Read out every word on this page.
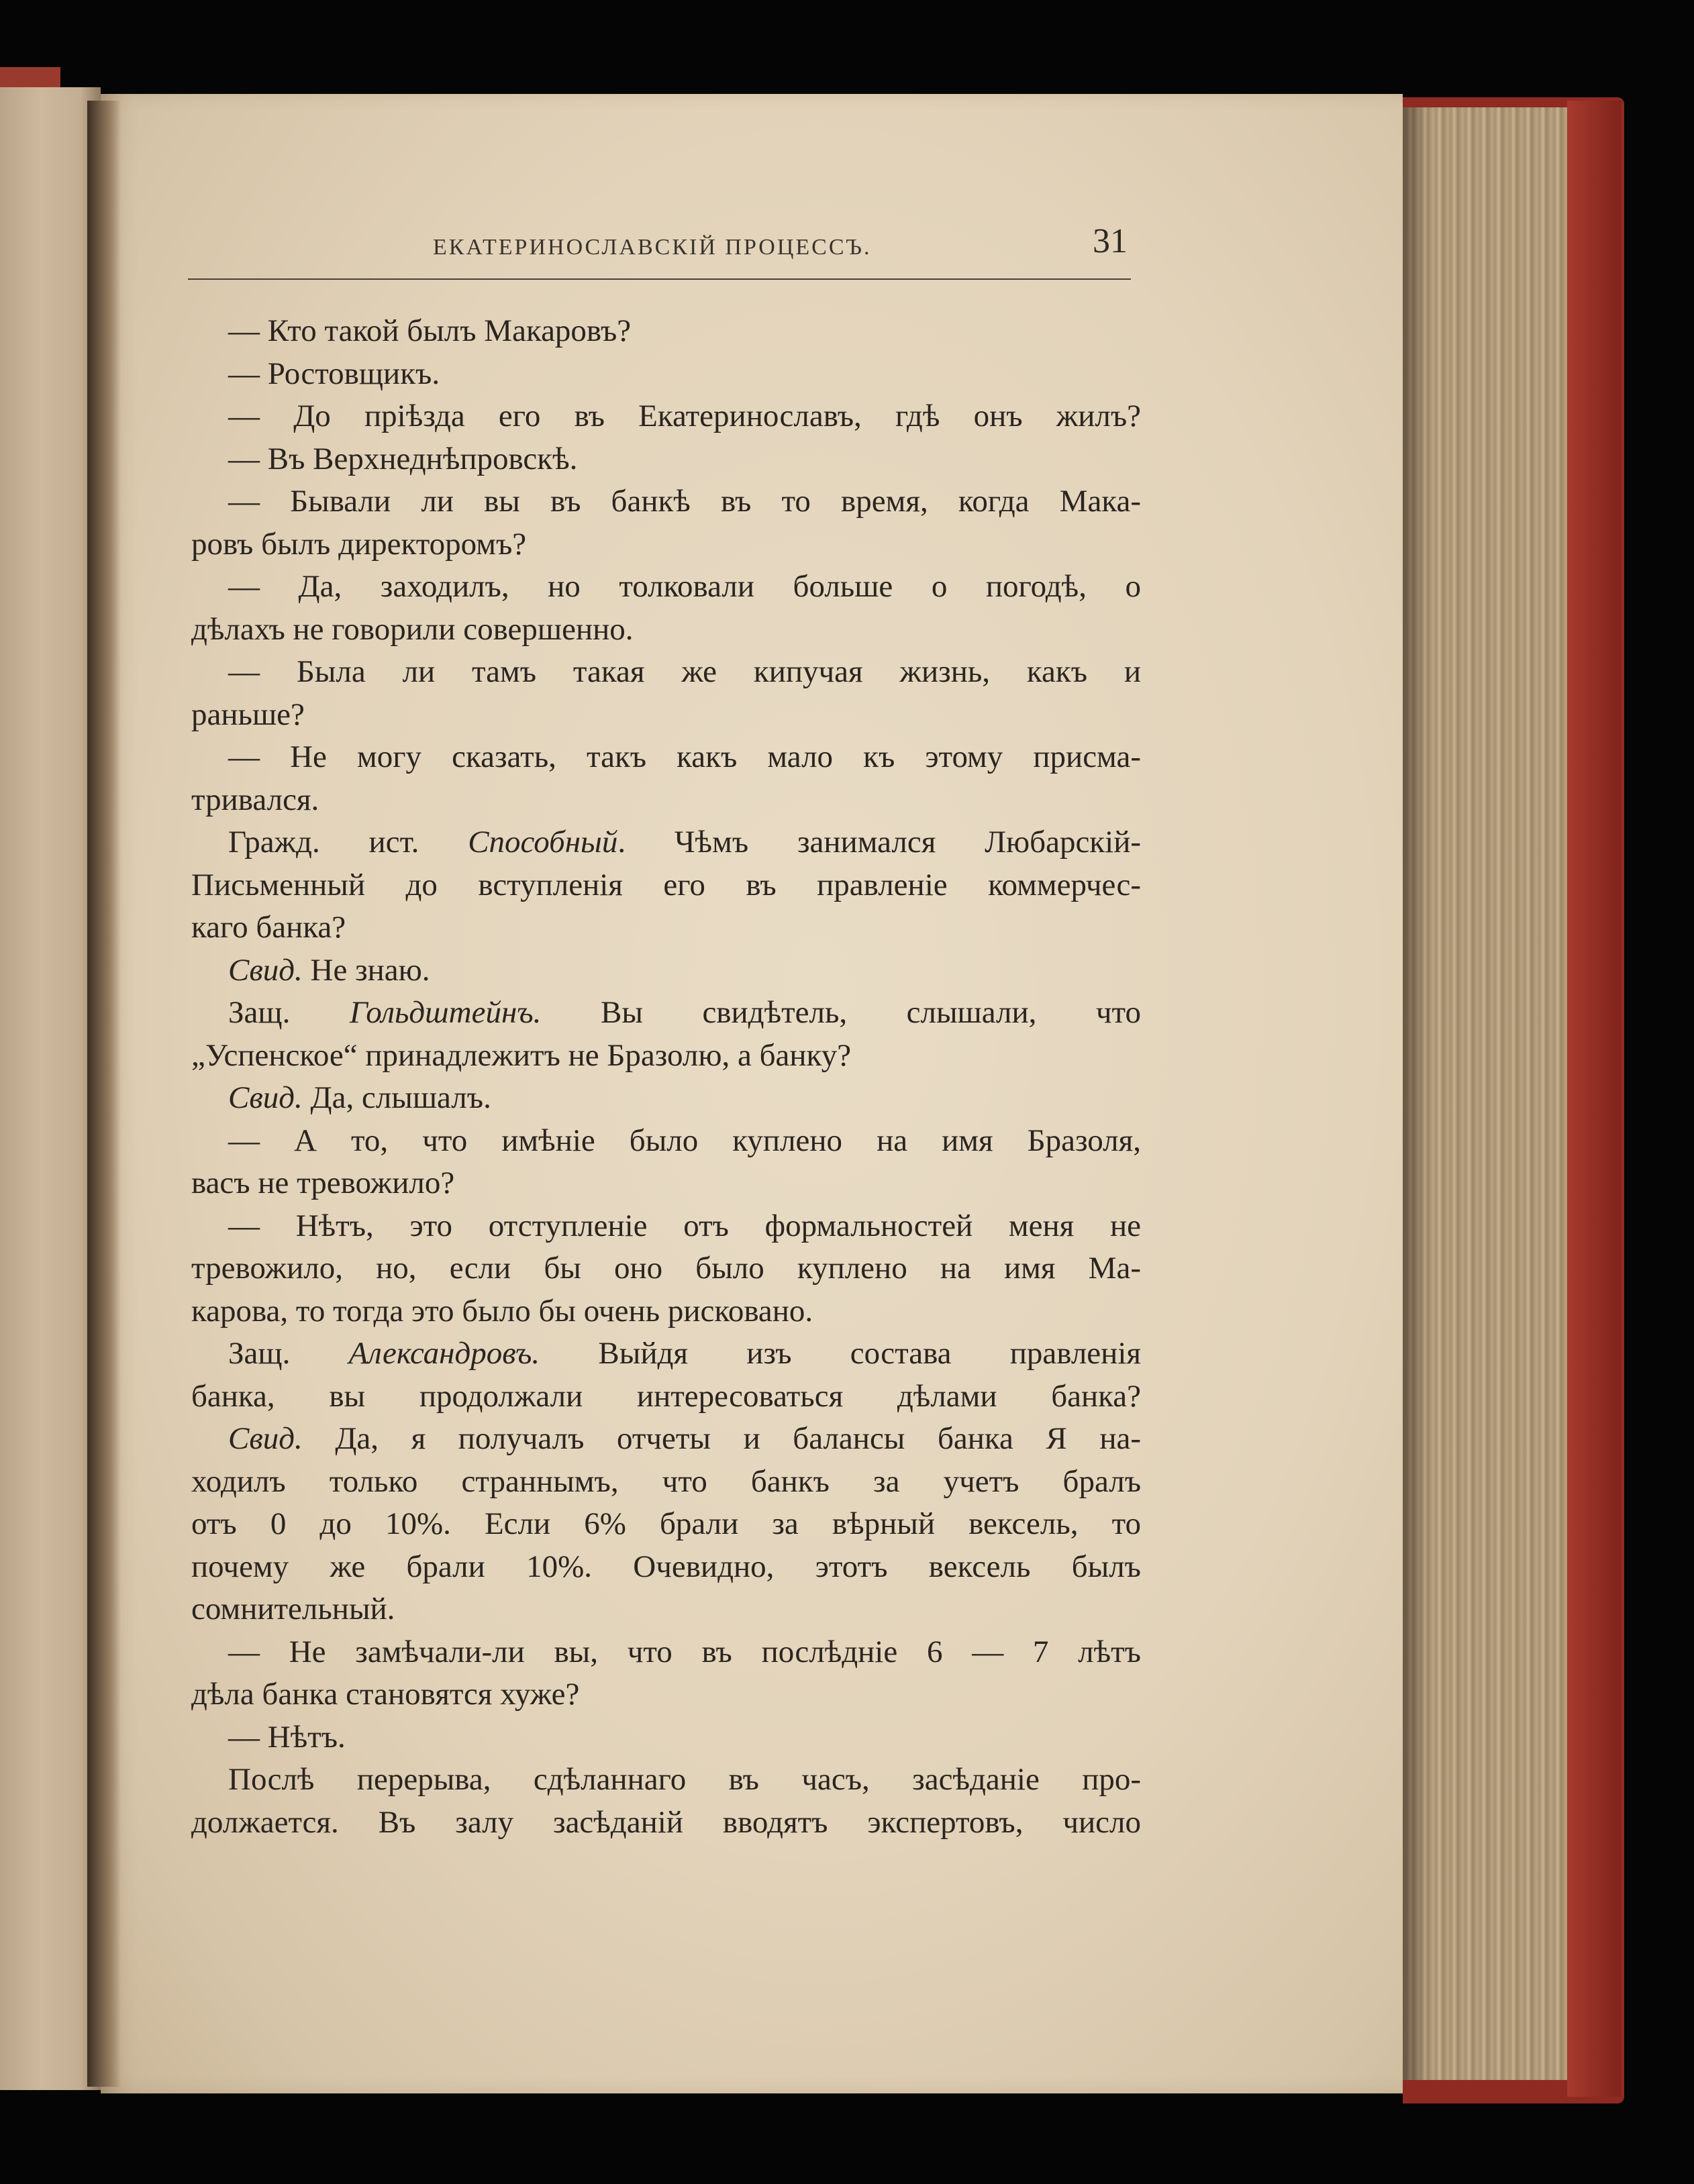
ЕКАТЕРИНОСЛАВСКІЙ ПРОЦЕССЪ.	31
— Кто такой былъ Макаровъ?
— Ростовщикъ.
— До пріѣзда его въ Екатеринославъ, гдѣ онъ жилъ?
— Въ Верхнеднѣпровскѣ.
— Бывали ли вы въ банкѣ въ то время, когда Мака-
ровъ былъ директоромъ?
— Да, заходилъ, но толковали больше о погодѣ, о
дѣлахъ не говорили совершенно.
— Была ли тамъ такая же кипучая жизнь, какъ и
раньше?
— Не могу сказать, такъ какъ мало къ этому присма-
тривался.
Гражд. ист. Способный. Чѣмъ занимался Любарскій-
Письменный до вступленія его въ правленіе коммерчес-
каго банка?
Свид. Не знаю.
Защ. Гольдштейнъ. Вы свидѣтель, слышали, что
„Успенское“ принадлежитъ не Бразолю, а банку?
Свид. Да, слышалъ.
— А то, что имѣніе было куплено на имя Бразоля,
васъ не тревожило?
— Нѣтъ, это отступленіе отъ формальностей меня не
тревожило, но, если бы оно было куплено на имя Ма-
карова, то тогда это было бы очень рисковано.
Защ. Александровъ. Выйдя изъ состава правленія
банка, вы продолжали интересоваться дѣлами банка?
Свид. Да, я получалъ отчеты и балансы банка Я на-
ходилъ только страннымъ, что банкъ за учетъ бралъ
отъ 0 до 10%. Если 6% брали за вѣрный вексель, то
почему же брали 10%. Очевидно, этотъ вексель былъ
сомнительный.
— Не замѣчали-ли вы, что въ послѣдніе 6 — 7 лѣтъ
дѣла банка становятся хуже?
— Нѣтъ.
Послѣ перерыва, сдѣланнаго въ часъ, засѣданіе про-
должается. Въ залу засѣданій вводятъ экспертовъ, число
